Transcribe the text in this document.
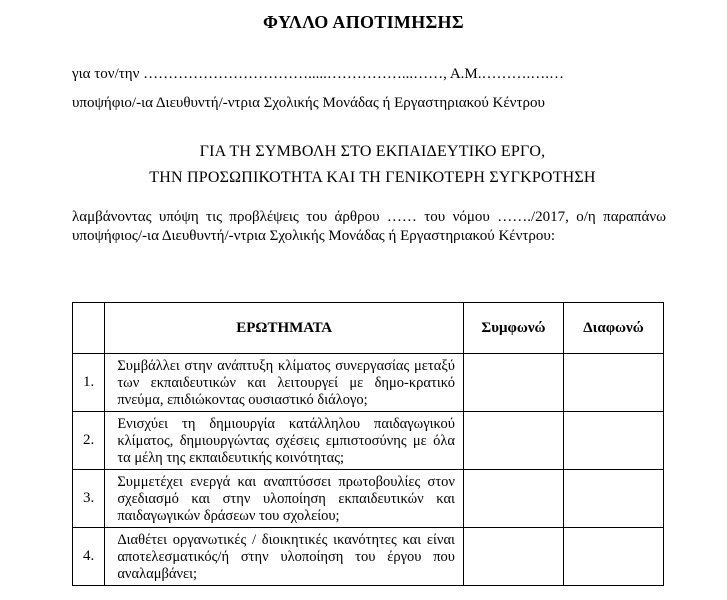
ΦΥΛΛΟ ΑΠΟΤΙΜΗΣΗΣ
για τον/την …………………………….....……………...……, Α.Μ.……….….…
υποψήφιο/-ια Διευθυντή/-ντρια Σχολικής Μονάδας ή Εργαστηριακού Κέντρου
ΓΙΑ ΤΗ ΣΥΜΒΟΛΗ ΣΤΟ ΕΚΠΑΙΔΕΥΤΙΚΟ ΕΡΓΟ,
ΤΗΝ ΠΡΟΣΩΠΙΚΟΤΗΤΑ ΚΑΙ ΤΗ ΓΕΝΙΚΟΤΕΡΗ ΣΥΓΚΡΟΤΗΣΗ
λαμβάνοντας υπόψη τις προβλέψεις του άρθρου …… του νόμου ……./2017, ο/η παραπάνω υποψήφιος/-ια Διευθυντή/-ντρια Σχολικής Μονάδας ή Εργαστηριακού Κέντρου:
	ΕΡΩΤΗΜΑΤΑ	Συμφωνώ	Διαφωνώ
1.	Συμβάλλει στην ανάπτυξη κλίματος συνεργασίας μεταξύ των εκπαιδευτικών και λειτουργεί με δημο-κρατικό πνεύμα, επιδιώκοντας ουσιαστικό διάλογο;		

2.	Ενισχύει τη δημιουργία κατάλληλου παιδαγωγικού κλίματος, δημιουργώντας σχέσεις εμπιστοσύνης με όλα τα μέλη της εκπαιδευτικής κοινότητας;		

3.	Συμμετέχει ενεργά και αναπτύσσει πρωτοβουλίες στον σχεδιασμό και στην υλοποίηση εκπαιδευτικών και παιδαγωγικών δράσεων του σχολείου;		

4.	Διαθέτει οργανωτικές / διοικητικές ικανότητες και είναι αποτελεσματικός/ή στην υλοποίηση του έργου που αναλαμβάνει;		
